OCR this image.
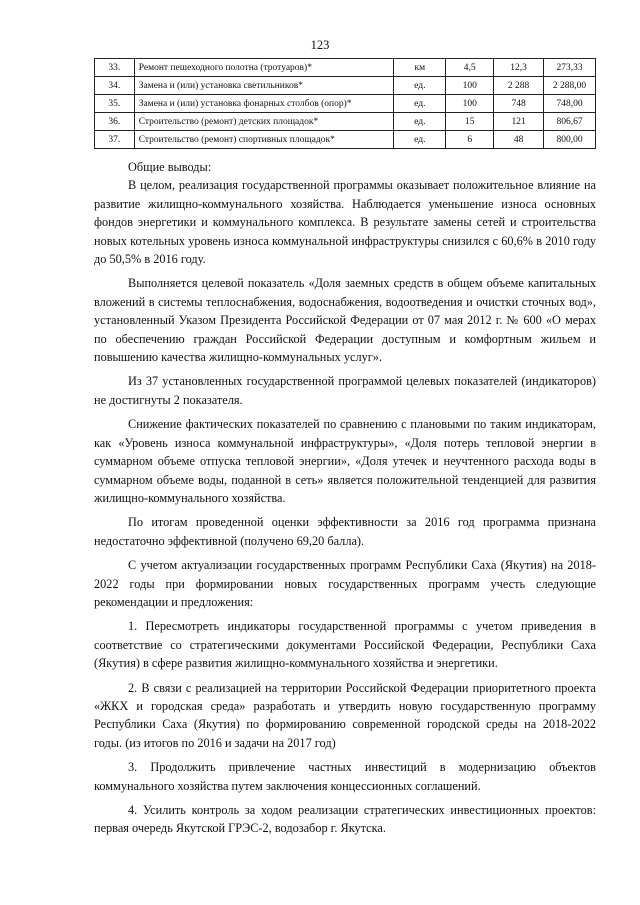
123
33.	Ремонт пешеходного полотна (тротуаров)*	км	4,5	12,3	273,33
34.	Замена и (или) установка светильников*	ед.	100	2 288	2 288,00
35.	Замена и (или) установка фонарных столбов (опор)*	ед.	100	748	748,00
36.	Строительство (ремонт) детских площадок*	ед.	15	121	806,67
37.	Строительство (ремонт) спортивных площадок*	ед.	6	48	800,00

Общие выводы:

В целом, реализация государственной программы оказывает положительное влияние на развитие жилищно-коммунального хозяйства. Наблюдается уменьшение износа основных фондов энергетики и коммунального комплекса. В результате замены сетей и строительства новых котельных уровень износа коммунальной инфраструктуры снизился с 60,6% в 2010 году до 50,5% в 2016 году.

Выполняется целевой показатель «Доля заемных средств в общем объеме капитальных вложений в системы теплоснабжения, водоснабжения, водоотведения и очистки сточных вод», установленный Указом Президента Российской Федерации от 07 мая 2012 г. № 600 «О мерах по обеспечению граждан Российской Федерации доступным и комфортным жильем и повышению качества жилищно-коммунальных услуг».

Из 37 установленных государственной программой целевых показателей (индикаторов) не достигнуты 2 показателя.

Снижение фактических показателей по сравнению с плановыми по таким индикаторам, как «Уровень износа коммунальной инфраструктуры», «Доля потерь тепловой энергии в суммарном объеме отпуска тепловой энергии», «Доля утечек и неучтенного расхода воды в суммарном объеме воды, поданной в сеть» является положительной тенденцией для развития жилищно-коммунального хозяйства.

По итогам проведенной оценки эффективности за 2016 год программа признана недостаточно эффективной (получено 69,20 балла).

С учетом актуализации государственных программ Республики Саха (Якутия) на 2018-2022 годы при формировании новых государственных программ учесть следующие рекомендации и предложения:

1. Пересмотреть индикаторы государственной программы с учетом приведения в соответствие со стратегическими документами Российской Федерации, Республики Саха (Якутия) в сфере развития жилищно-коммунального хозяйства и энергетики.

2. В связи с реализацией на территории Российской Федерации приоритетного проекта «ЖКХ и городская среда» разработать и утвердить новую государственную программу Республики Саха (Якутия) по формированию современной городской среды на 2018-2022 годы. (из итогов по 2016 и задачи на 2017 год)

3. Продолжить привлечение частных инвестиций в модернизацию объектов коммунального хозяйства путем заключения концессионных соглашений.

4. Усилить контроль за ходом реализации стратегических инвестиционных проектов: первая очередь Якутской ГРЭС-2, водозабор г. Якутска.
